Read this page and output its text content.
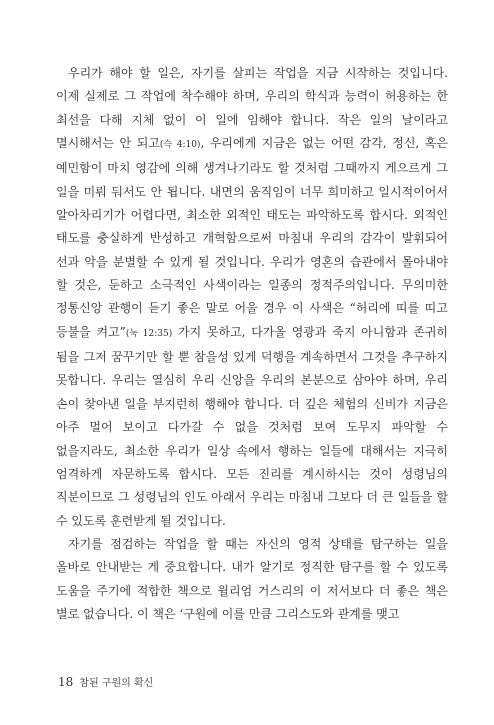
우리가 해야 할 일은, 자기를 살피는 작업을 지금 시작하는 것입니다. 이제 실제로 그 작업에 착수해야 하며, 우리의 학식과 능력이 허용하는 한 최선을 다해 지체 없이 이 일에 임해야 합니다. 작은 일의 날이라고 멸시해서는 안 되고(슥 4:10), 우리에게 지금은 없는 어떤 감각, 정신, 혹은 예민함이 마치 영감에 의해 생겨나기라도 할 것처럼 그때까지 게으르게 그 일을 미뤄 둬서도 안 됩니다. 내면의 움직임이 너무 희미하고 일시적이어서 알아차리기가 어렵다면, 최소한 외적인 태도는 파악하도록 합시다. 외적인 태도를 충실하게 반성하고 개혁함으로써 마침내 우리의 감각이 발휘되어 선과 악을 분별할 수 있게 될 것입니다. 우리가 영혼의 습관에서 몰아내야 할 것은, 둔하고 소극적인 사색이라는 일종의 정적주의입니다. 무의미한 정통신앙 관행이 듣기 좋은 말로 어울 경우 이 사색은 “허리에 띠를 띠고 등불을 켜고”(눅 12:35) 가지 못하고, 다가올 영광과 죽지 아니함과 존귀히 됨을 그저 꿈꾸기만 할 뿐 참을성 있게 덕행을 계속하면서 그것을 추구하지 못합니다. 우리는 열심히 우리 신앙을 우리의 본분으로 삼아야 하며, 우리 손이 찾아낸 일을 부지런히 행해야 합니다. 더 깊은 체험의 신비가 지금은 아주 멀어 보이고 다가갈 수 없을 것처럼 보여 도무지 파악할 수 없을지라도, 최소한 우리가 일상 속에서 행하는 일들에 대해서는 지극히 엄격하게 자문하도록 합시다. 모든 진리를 계시하시는 것이 성령님의 직분이므로 그 성령님의 인도 아래서 우리는 마침내 그보다 더 큰 일들을 할 수 있도록 훈련받게 될 것입니다.

자기를 점검하는 작업을 할 때는 자신의 영적 상태를 탐구하는 일을 올바로 안내받는 게 중요합니다. 내가 알기로 정직한 탐구를 할 수 있도록 도움을 주기에 적합한 책으로 윌리엄 거스리의 이 저서보다 더 좋은 책은 별로 없습니다. 이 책은 ‘구원에 이를 만큼 그리스도와 관계를 맺고

18 참된 구원의 확신
